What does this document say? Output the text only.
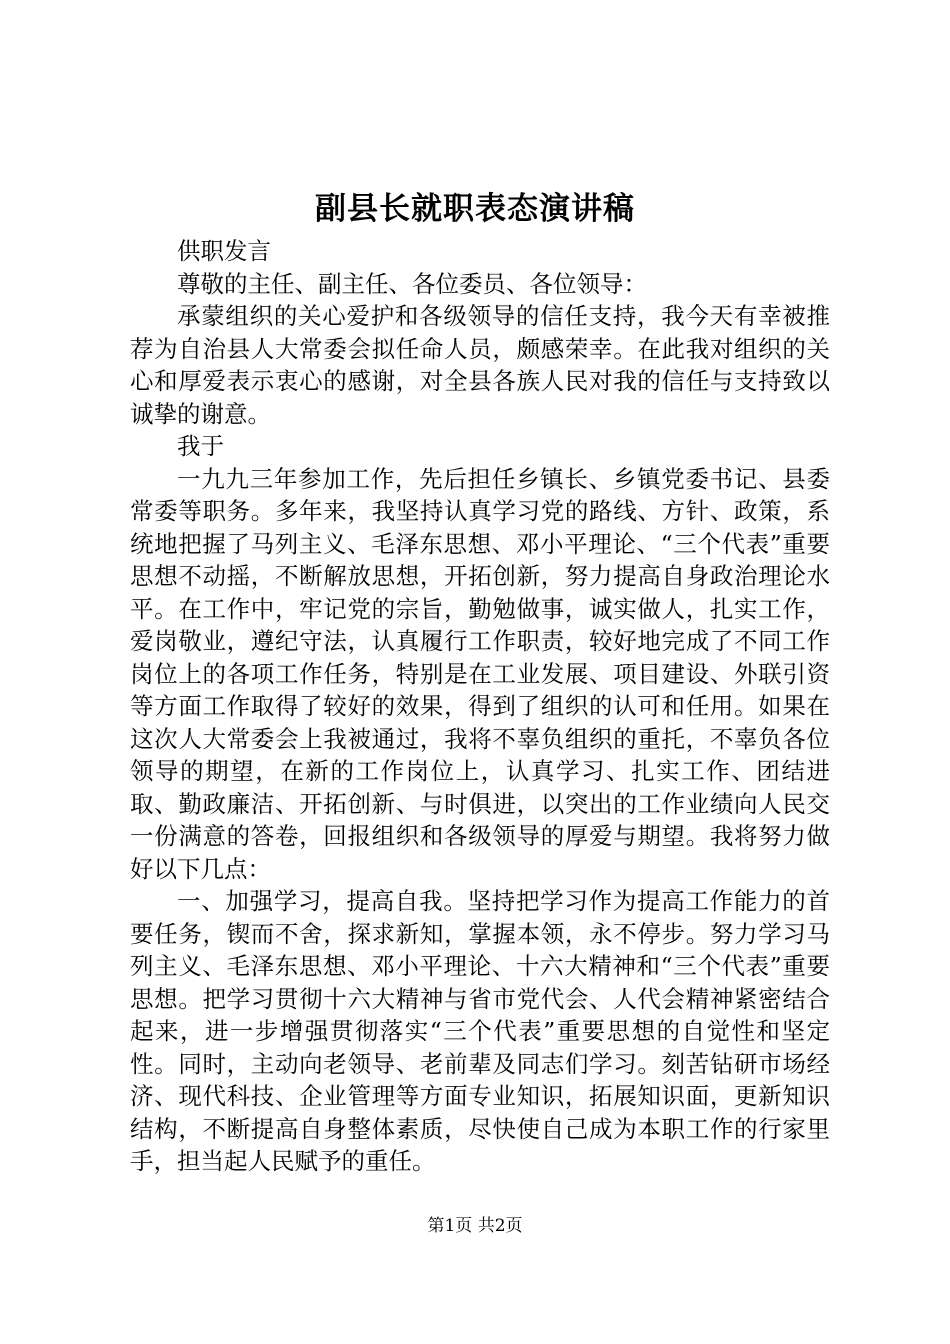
副县长就职表态演讲稿

供职发言

尊敬的主任、副主任、各位委员、各位领导：

承蒙组织的关心爱护和各级领导的信任支持，我今天有幸被推荐为自治县人大常委会拟任命人员，颇感荣幸。在此我对组织的关心和厚爱表示衷心的感谢，对全县各族人民对我的信任与支持致以诚挚的谢意。

我于

一九九三年参加工作，先后担任乡镇长、乡镇党委书记、县委常委等职务。多年来，我坚持认真学习党的路线、方针、政策，系统地把握了马列主义、毛泽东思想、邓小平理论、“三个代表”重要思想不动摇，不断解放思想，开拓创新，努力提高自身政治理论水平。在工作中，牢记党的宗旨，勤勉做事，诚实做人，扎实工作，爱岗敬业，遵纪守法，认真履行工作职责，较好地完成了不同工作岗位上的各项工作任务，特别是在工业发展、项目建设、外联引资等方面工作取得了较好的效果，得到了组织的认可和任用。如果在这次人大常委会上我被通过，我将不辜负组织的重托，不辜负各位领导的期望，在新的工作岗位上，认真学习、扎实工作、团结进取、勤政廉洁、开拓创新、与时俱进，以突出的工作业绩向人民交一份满意的答卷，回报组织和各级领导的厚爱与期望。我将努力做好以下几点：

一、加强学习，提高自我。坚持把学习作为提高工作能力的首要任务，锲而不舍，探求新知，掌握本领，永不停步。努力学习马列主义、毛泽东思想、邓小平理论、十六大精神和“三个代表”重要思想。把学习贯彻十六大精神与省市党代会、人代会精神紧密结合起来，进一步增强贯彻落实“三个代表”重要思想的自觉性和坚定性。同时，主动向老领导、老前辈及同志们学习。刻苦钻研市场经济、现代科技、企业管理等方面专业知识，拓展知识面，更新知识结构，不断提高自身整体素质，尽快使自己成为本职工作的行家里手，担当起人民赋予的重任。

第1页 共2页
